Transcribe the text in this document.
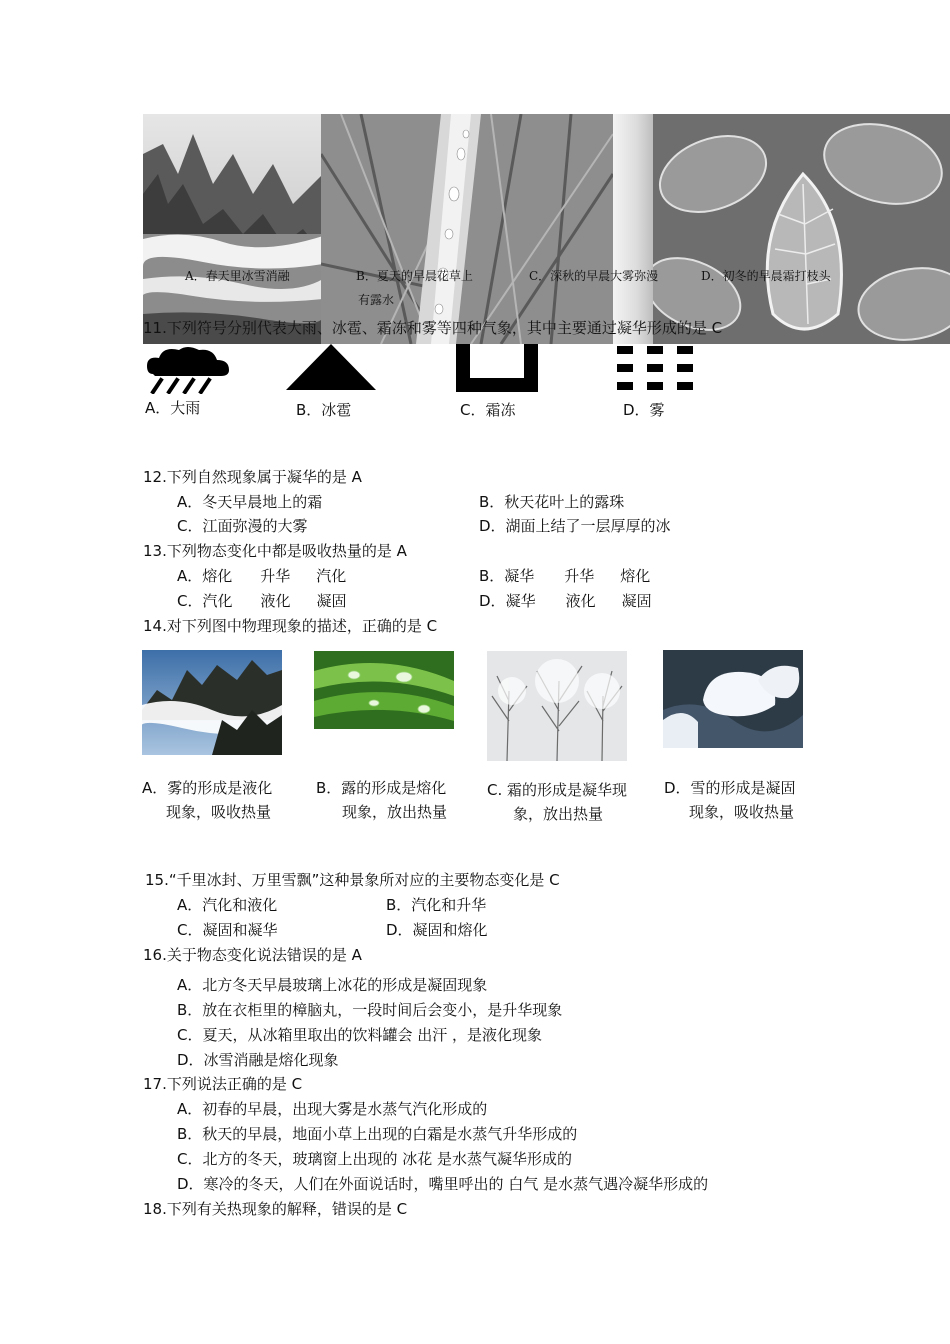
A．春天里冰雪消融	B．夏天的早晨花草上
有露水
C．深秋的早晨大雾弥漫	D．初冬的早晨霜打枝头
11.下列符号分别代表大雨、冰雹、霜冻和雾等四种气象，其中主要通过凝华形成的是 C
A．大雨	B．冰雹	C．霜冻	D．雾
12.下列自然现象属于凝华的是 A
A．冬天早晨地上的霜	B．秋天花叶上的露珠
C．江面弥漫的大雾	D．湖面上结了一层厚厚的冰
13.下列物态变化中都是吸收热量的是 A
A．熔化 升华 汽化	B．凝华 升华 熔化
C．汽化 液化 凝固	D．凝华 液化 凝固
14.对下列图中物理现象的描述，正确的是 C
A．雾的形成是液化
现象，吸收热量
B．露的形成是熔化
现象，放出热量
C. 霜的形成是凝华现
象，放出热量
D．雪的形成是凝固
现象，吸收热量
15.“千里冰封、万里雪飘”这种景象所对应的主要物态变化是 C
A．汽化和液化	B．汽化和升华
C．凝固和凝华	D．凝固和熔化
16.关于物态变化说法错误的是 A
A．北方冬天早晨玻璃上冰花的形成是凝固现象
B．放在衣柜里的樟脑丸，一段时间后会变小，是升华现象
C．夏天，从冰箱里取出的饮料罐会 出汗 ，是液化现象
D．冰雪消融是熔化现象
17.下列说法正确的是 C
A．初春的早晨，出现大雾是水蒸气汽化形成的
B．秋天的早晨，地面小草上出现的白霜是水蒸气升华形成的
C．北方的冬天，玻璃窗上出现的 冰花 是水蒸气凝华形成的
D．寒冷的冬天，人们在外面说话时，嘴里呼出的 白气 是水蒸气遇冷凝华形成的
18.下列有关热现象的解释，错误的是 C
